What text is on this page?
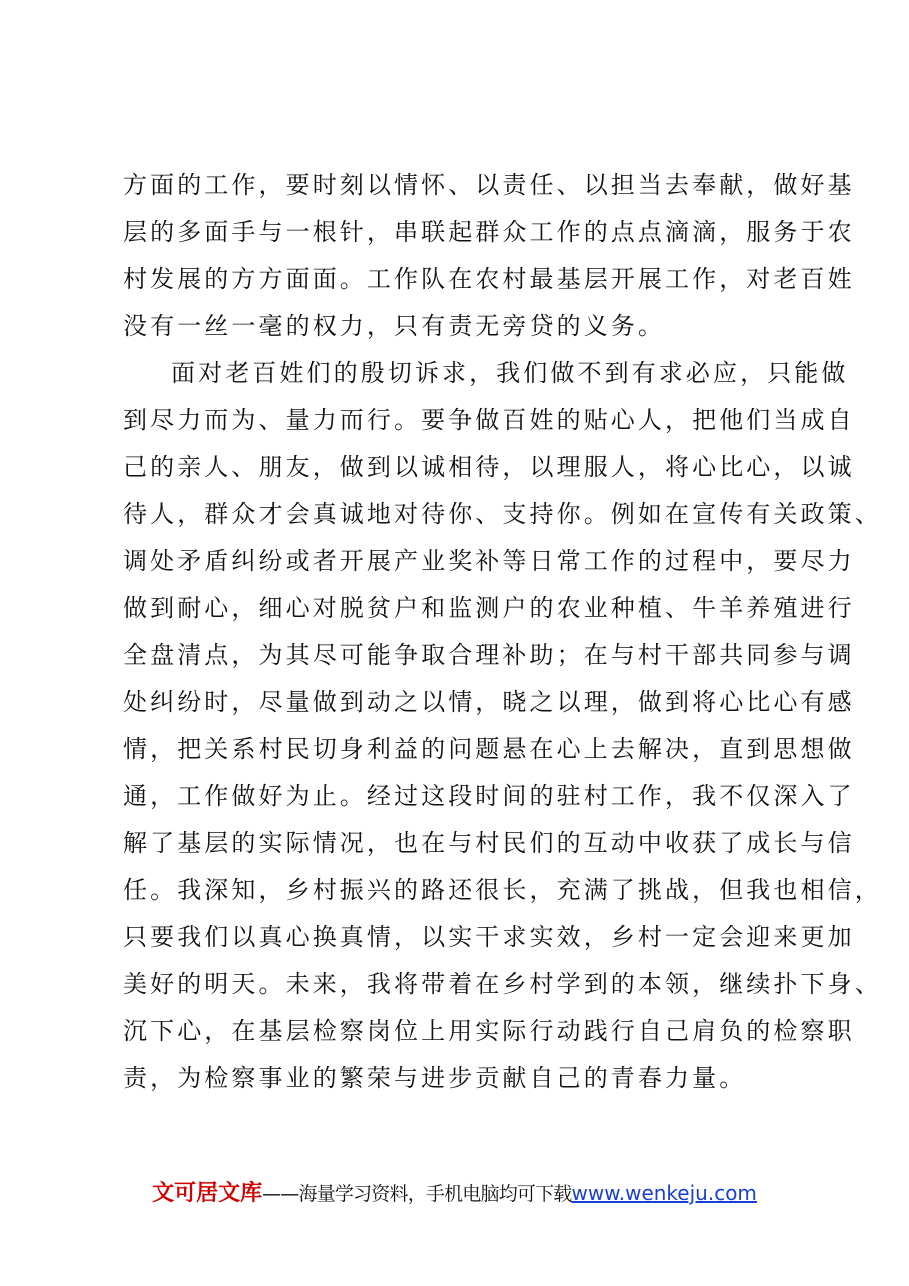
方面的工作，要时刻以情怀、以责任、以担当去奉献，做好基
层的多面手与一根针，串联起群众工作的点点滴滴，服务于农
村发展的方方面面。工作队在农村最基层开展工作，对老百姓
没有一丝一毫的权力，只有责无旁贷的义务。
面对老百姓们的殷切诉求，我们做不到有求必应，只能做
到尽力而为、量力而行。要争做百姓的贴心人，把他们当成自
己的亲人、朋友，做到以诚相待，以理服人，将心比心，以诚
待人，群众才会真诚地对待你、支持你。例如在宣传有关政策、
调处矛盾纠纷或者开展产业奖补等日常工作的过程中，要尽力
做到耐心，细心对脱贫户和监测户的农业种植、牛羊养殖进行
全盘清点，为其尽可能争取合理补助；在与村干部共同参与调
处纠纷时，尽量做到动之以情，晓之以理，做到将心比心有感
情，把关系村民切身利益的问题悬在心上去解决，直到思想做
通，工作做好为止。经过这段时间的驻村工作，我不仅深入了
解了基层的实际情况，也在与村民们的互动中收获了成长与信
任。我深知，乡村振兴的路还很长，充满了挑战，但我也相信，
只要我们以真心换真情，以实干求实效，乡村一定会迎来更加
美好的明天。未来，我将带着在乡村学到的本领，继续扑下身、
沉下心，在基层检察岗位上用实际行动践行自己肩负的检察职
责，为检察事业的繁荣与进步贡献自己的青春力量。
文可居文库——海量学习资料，手机电脑均可下载www.wenkeju.com
